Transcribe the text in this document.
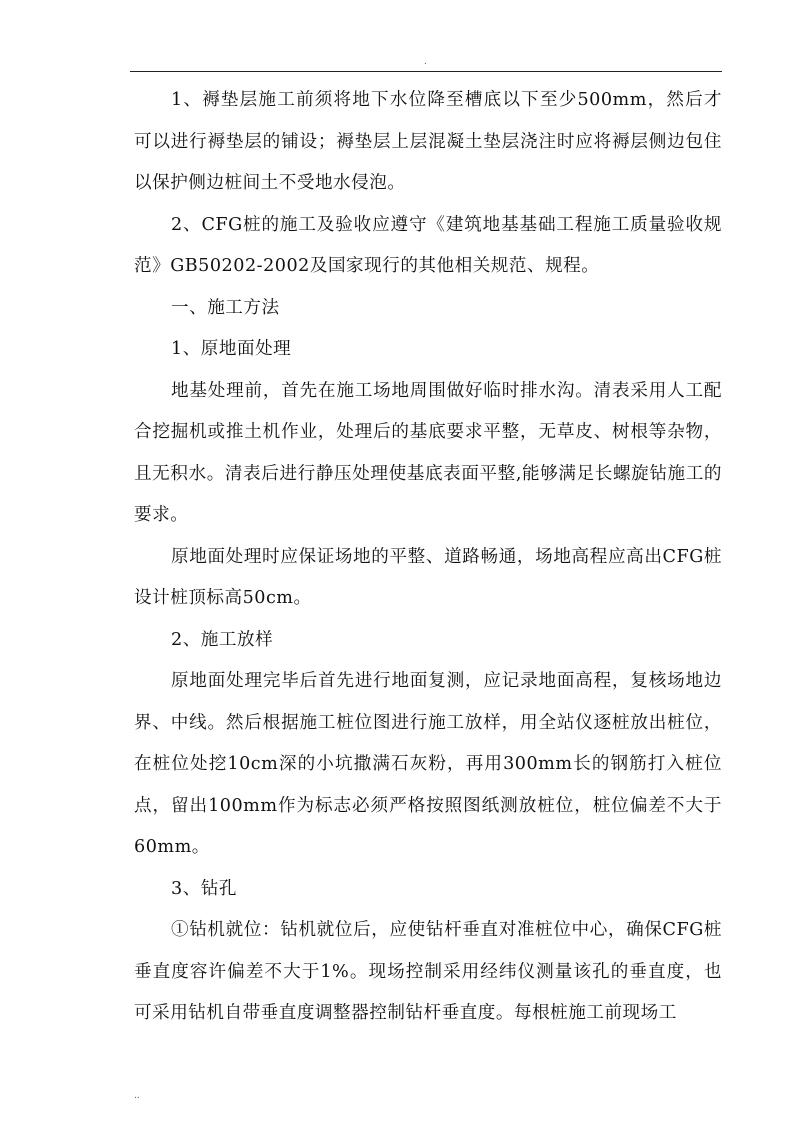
.

1、褥垫层施工前须将地下水位降至槽底以下至少500mm，然后才可以进行褥垫层的铺设；褥垫层上层混凝土垫层浇注时应将褥层侧边包住以保护侧边桩间土不受地水侵泡。

2、CFG桩的施工及验收应遵守《建筑地基基础工程施工质量验收规范》GB50202-2002及国家现行的其他相关规范、规程。

一、施工方法

1、原地面处理

地基处理前，首先在施工场地周围做好临时排水沟。清表采用人工配合挖掘机或推土机作业，处理后的基底要求平整，无草皮、树根等杂物，且无积水。清表后进行静压处理使基底表面平整,能够满足长螺旋钻施工的要求。

原地面处理时应保证场地的平整、道路畅通，场地高程应高出CFG桩设计桩顶标高50cm。

2、施工放样

原地面处理完毕后首先进行地面复测，应记录地面高程，复核场地边界、中线。然后根据施工桩位图进行施工放样，用全站仪逐桩放出桩位，在桩位处挖10cm深的小坑撒满石灰粉，再用300mm长的钢筋打入桩位点，留出100mm作为标志必须严格按照图纸测放桩位，桩位偏差不大于60mm。

3、钻孔

①钻机就位：钻机就位后，应使钻杆垂直对准桩位中心，确保CFG桩垂直度容许偏差不大于1%。现场控制采用经纬仪测量该孔的垂直度，也可采用钻机自带垂直度调整器控制钻杆垂直度。每根桩施工前现场工

..
